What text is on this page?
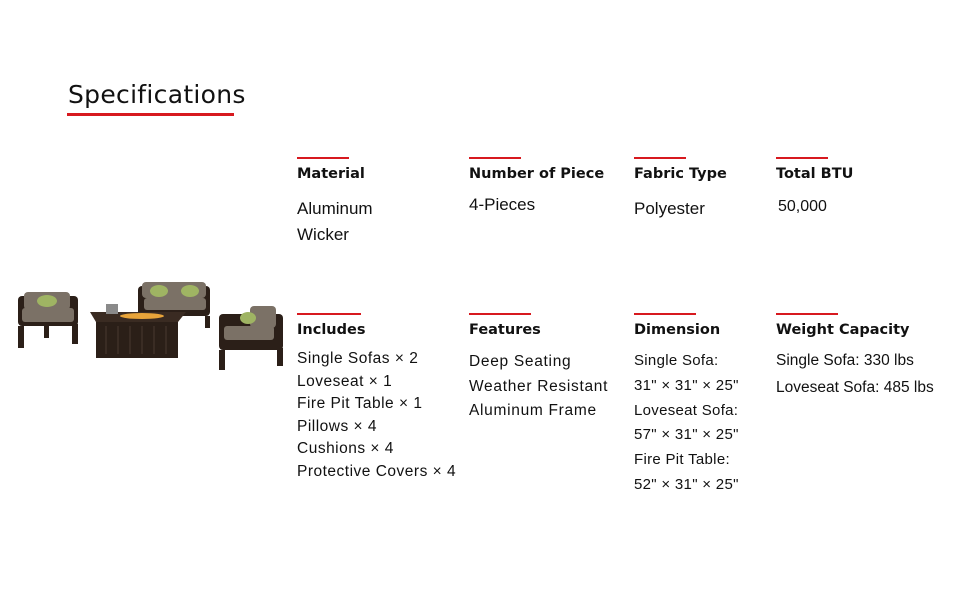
Specifications
Material
Aluminum
Wicker
Number of Piece
4-Pieces
Fabric Type
Polyester
Total BTU
50,000
Includes
Single Sofas × 2
Loveseat × 1
Fire Pit Table × 1
Pillows × 4
Cushions × 4
Protective Covers × 4
Features
Deep Seating
Weather Resistant
Aluminum Frame
Dimension
Single Sofa:
31" × 31" × 25"
Loveseat Sofa:
57" × 31" × 25"
Fire Pit Table:
52" × 31" × 25"
Weight Capacity
Single Sofa: 330 lbs
Loveseat Sofa: 485 lbs
